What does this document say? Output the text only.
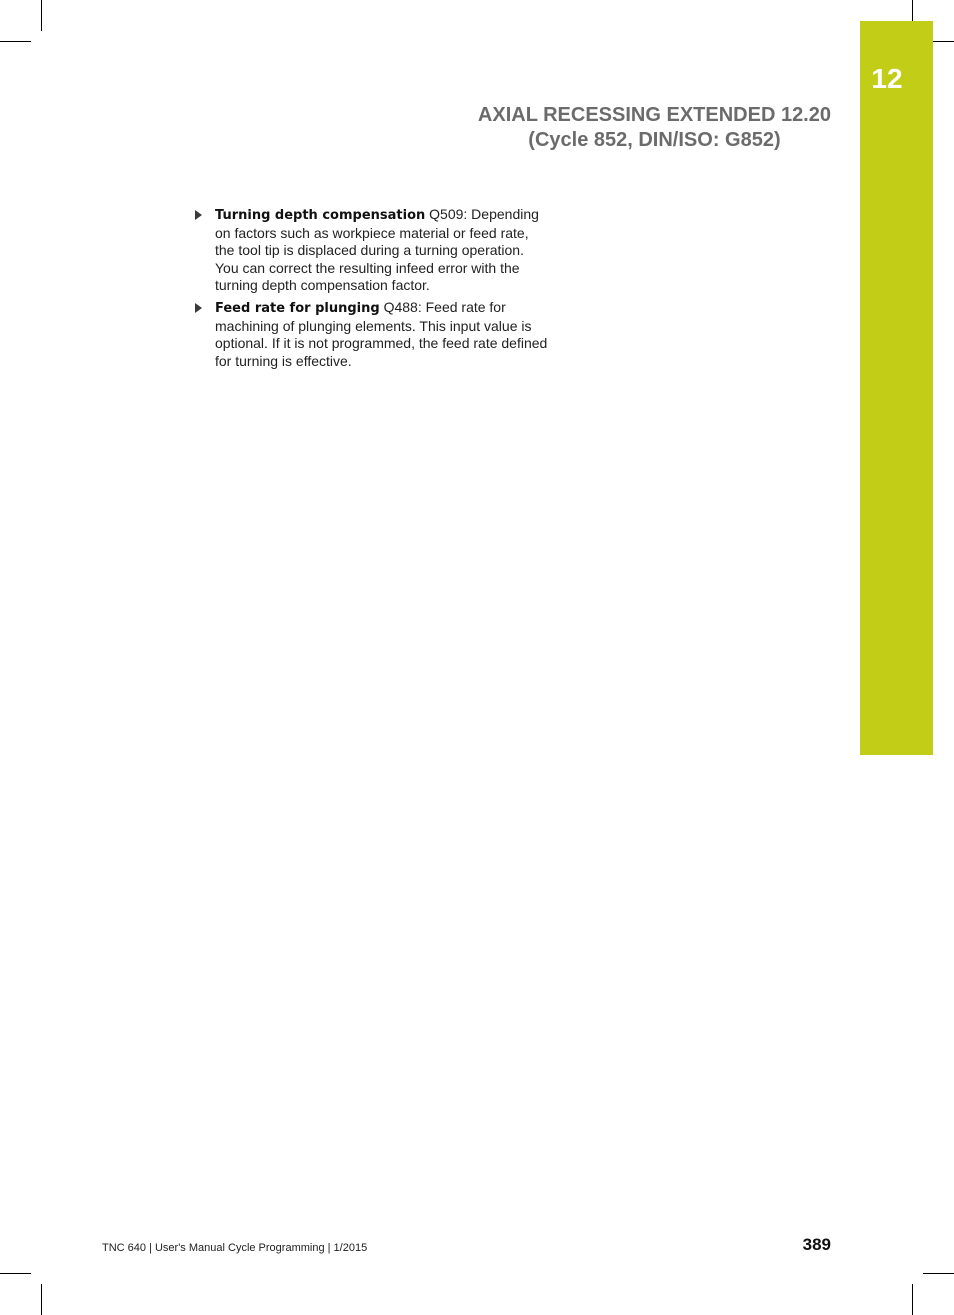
12
AXIAL RECESSING EXTENDED 12.20
(Cycle 852, DIN/ISO: G852)
Turning depth compensation Q509: Depending on factors such as workpiece material or feed rate, the tool tip is displaced during a turning operation. You can correct the resulting infeed error with the turning depth compensation factor.
Feed rate for plunging Q488: Feed rate for machining of plunging elements. This input value is optional. If it is not programmed, the feed rate defined for turning is effective.
TNC 640 | User's Manual Cycle Programming | 1/2015	389
